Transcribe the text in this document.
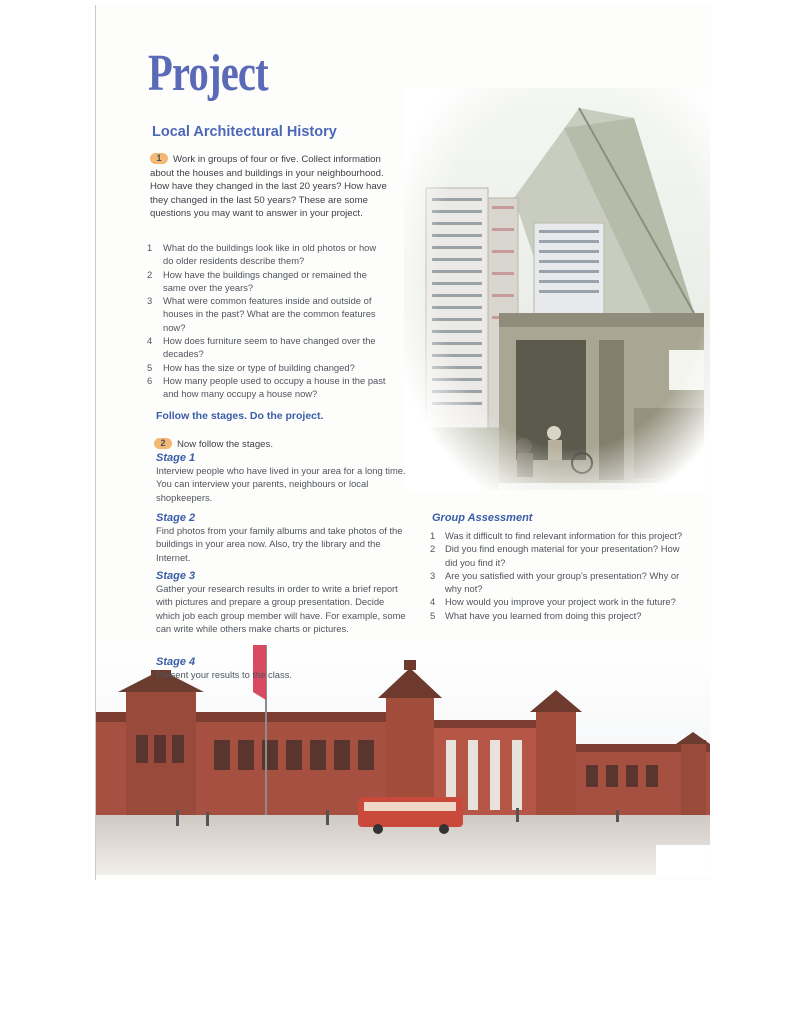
Project
Local Architectural History
1 Work in groups of four or five. Collect information about the houses and buildings in your neighbourhood. How have they changed in the last 20 years? How have they changed in the last 50 years? These are some questions you may want to answer in your project.
1 What do the buildings look like in old photos or how do older residents describe them?
2 How have the buildings changed or remained the same over the years?
3 What were common features inside and outside of houses in the past? What are the common features now?
4 How does furniture seem to have changed over the decades?
5 How has the size or type of building changed?
6 How many people used to occupy a house in the past and how many occupy a house now?
Follow the stages. Do the project.
2 Now follow the stages.
Stage 1
Interview people who have lived in your area for a long time. You can interview your parents, neighbours or local shopkeepers.
Stage 2
Find photos from your family albums and take photos of the buildings in your area now. Also, try the library and the Internet.
Stage 3
Gather your research results in order to write a brief report with pictures and prepare a group presentation. Decide which job each group member will have. For example, some can write while others make charts or pictures.
Stage 4
Present your results to the class.
Group Assessment
1 Was it difficult to find relevant information for this project?
2 Did you find enough material for your presentation? How did you find it?
3 Are you satisfied with your group's presentation? Why or why not?
4 How would you improve your project work in the future?
5 What have you learned from doing this project?
